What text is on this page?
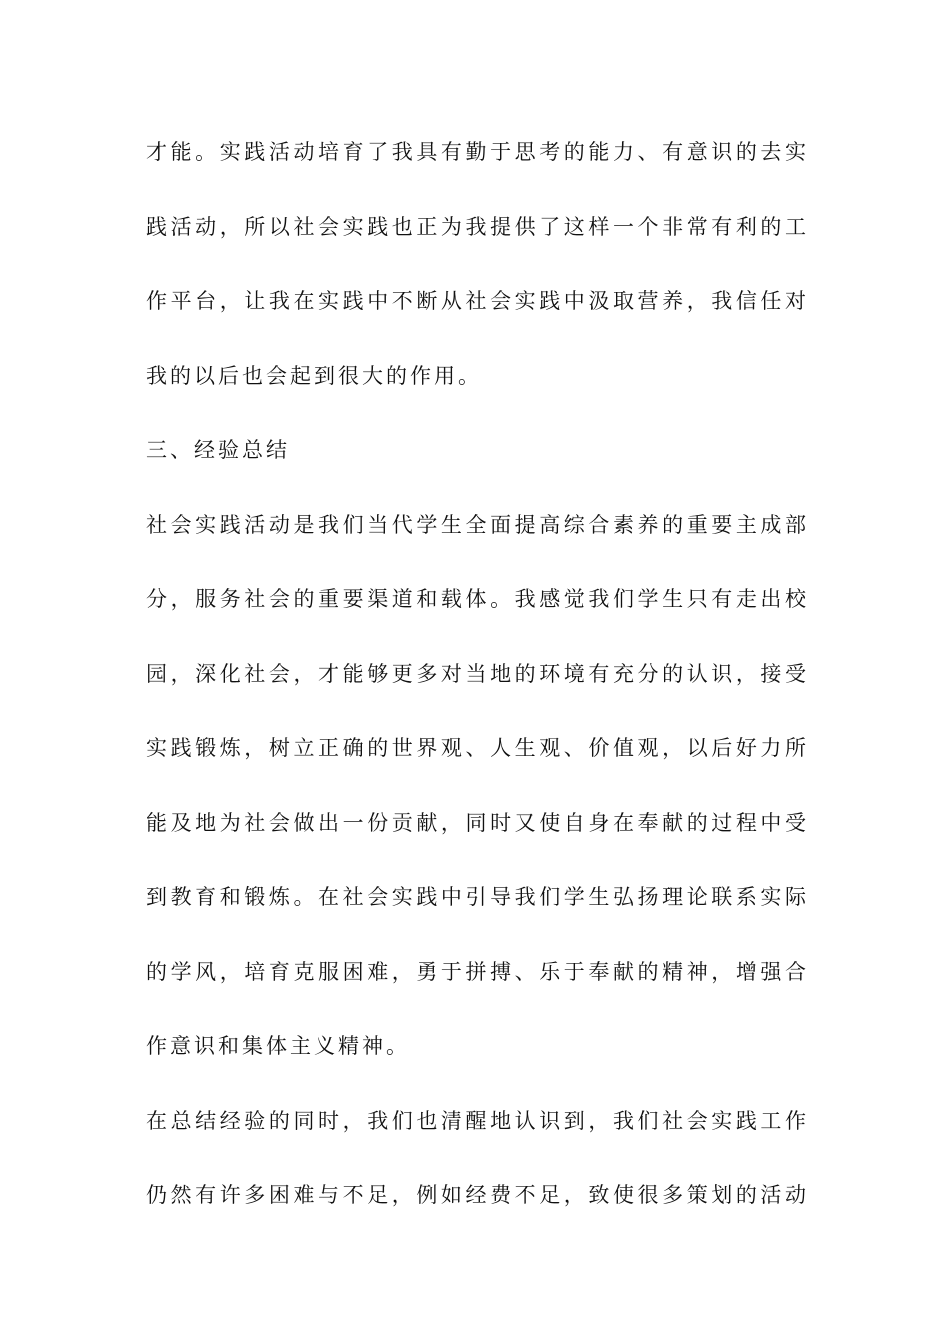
才能。实践活动培育了我具有勤于思考的能力、有意识的去实
践活动，所以社会实践也正为我提供了这样一个非常有利的工
作平台，让我在实践中不断从社会实践中汲取营养，我信任对
我的以后也会起到很大的作用。
三、经验总结
社会实践活动是我们当代学生全面提高综合素养的重要主成部
分，服务社会的重要渠道和载体。我感觉我们学生只有走出校
园，深化社会，才能够更多对当地的环境有充分的认识，接受
实践锻炼，树立正确的世界观、人生观、价值观，以后好力所
能及地为社会做出一份贡献，同时又使自身在奉献的过程中受
到教育和锻炼。在社会实践中引导我们学生弘扬理论联系实际
的学风，培育克服困难，勇于拼搏、乐于奉献的精神，增强合
作意识和集体主义精神。
在总结经验的同时，我们也清醒地认识到，我们社会实践工作
仍然有许多困难与不足，例如经费不足，致使很多策划的活动
